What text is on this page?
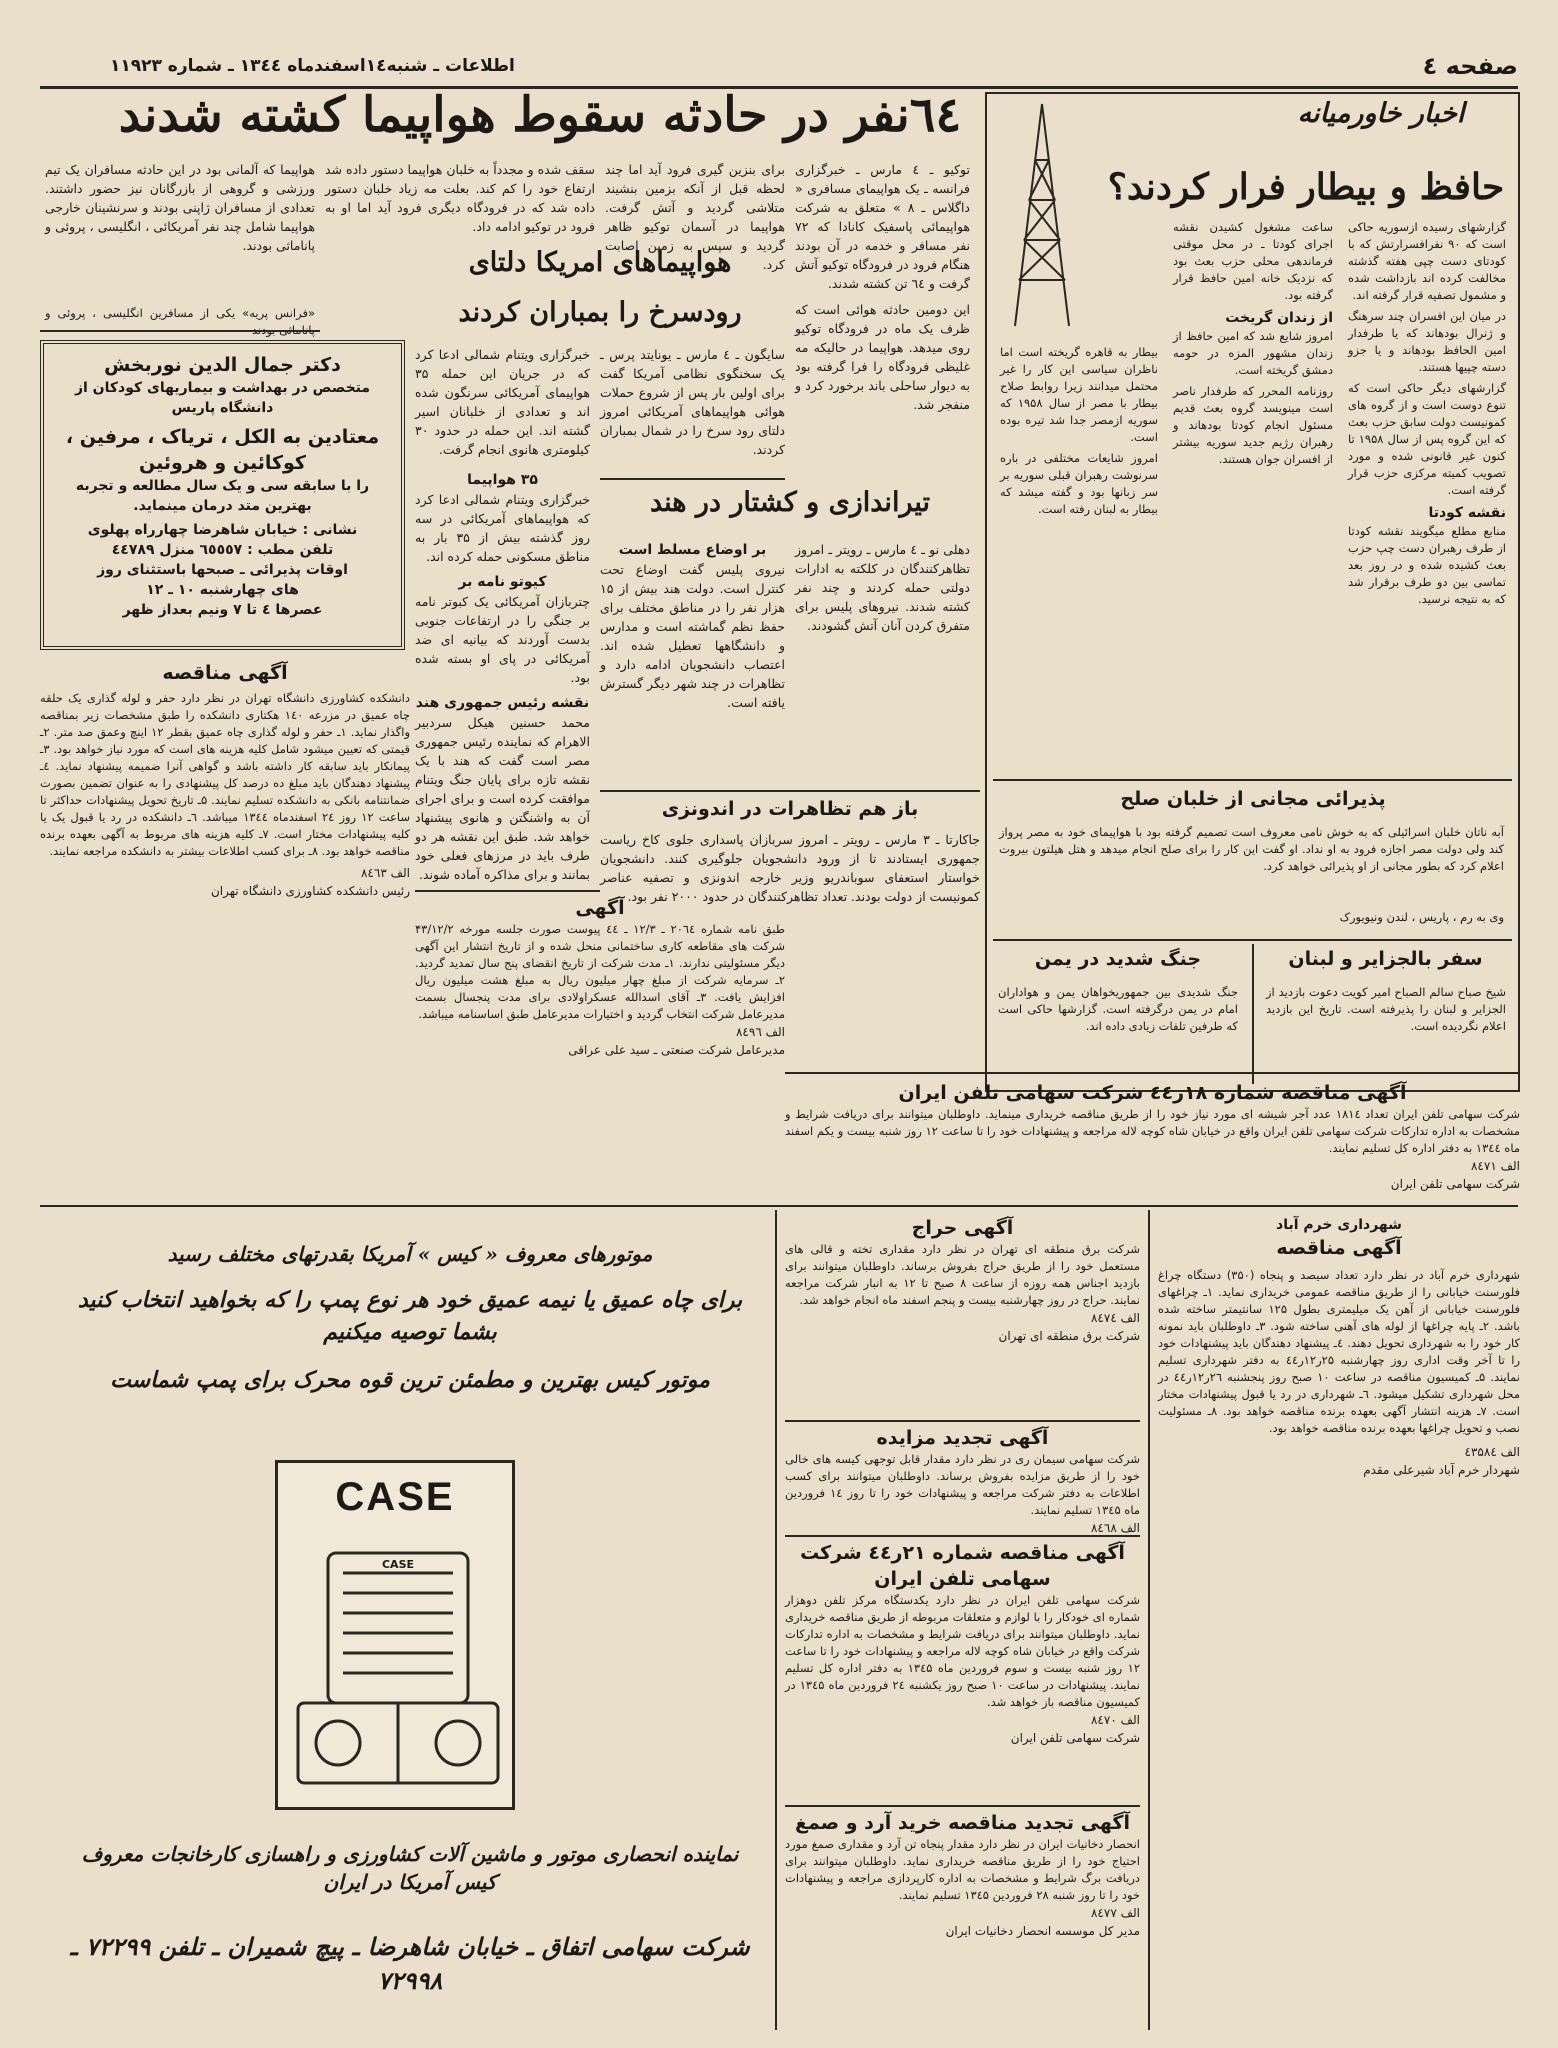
صفحه ٤
اطلاعات ـ شنبه۱٤اسفندماه ۱۳٤٤ ـ شماره ۱۱۹۲۳
٦٤نفر در حادثه سقوط هواپیما کشته شدند	اخبار خاورمیانه
حافظ و بیطار فرار کردند؟

گزارشهای رسیده ازسوریه حاکی است که ۹۰ نفرافسرارتش که با کودتای دست چپی هفته گذشته مخالفت کرده اند بازداشت شده و مشمول تصفیه قرار گرفته اند.

در میان این افسران چند سرهنگ و ژنرال بودهاند که یا طرفدار امین الحافظ بودهاند و یا جزو دسته چپیها هستند.

گزارشهای دیگر حاکی است که تنوع دوست است و از گروه های کمونیست دولت سابق حزب بعث که این گروه پس از سال ۱۹۵۸ تا کنون غیر قانونی شده و مورد تصویب کمیته مرکزی حزب قرار گرفته است.

نقشه کودتا

منابع مطلع میگویند نقشه کودتا از طرف رهبران دست چپ حزب بعث کشیده شده و در روز بعد تماسی بین دو طرف برقرار شد که به نتیجه نرسید.

ساعت مشغول کشیدن نقشه اجرای کودتا ـ در محل موقتی فرماندهی محلی حزب بعث بود که نزدیک خانه امین حافظ قرار گرفته بود.

از زندان گریخت

امروز شایع شد که امین حافظ از زندان مشهور المزه در حومه دمشق گریخته است.

روزنامه المحرر که طرفدار ناصر است مینویسد گروه بعث قدیم مسئول انجام کودتا بودهاند و رهبران رژیم جدید سوریه بیشتر از افسران جوان هستند.

بیطار به قاهره گریخته است اما ناظران سیاسی این کار را غیر محتمل میدانند زیرا روابط صلاح بیطار با مصر از سال ۱۹۵۸ که سوریه ازمصر جدا شد تیره بوده است.

امروز شایعات مختلفی در باره سرنوشت رهبران قبلی سوریه بر سر زبانها بود و گفته میشد که بیطار به لبنان رفته است.

پذیرائی مجانی از خلبان صلح
آبه ناتان خلبان اسرائیلی که به خوش نامی معروف است تصمیم گرفته بود با هواپیمای خود به مصر پرواز کند ولی دولت مصر اجازه فرود به او نداد. او گفت این کار را برای صلح انجام میدهد و هتل هیلتون بیروت اعلام کرد که بطور مجانی از او پذیرائی خواهد کرد.
وی به رم ، پاریس ، لندن ونیویورک
سفر بالجزایر و لبنان
شیخ صباح سالم الصباح امیر کویت دعوت بازدید از الجزایر و لبنان را پذیرفته است. تاریخ این بازدید اعلام نگردیده است.
جنگ شدید در یمن
جنگ شدیدی بین جمهوریخواهان یمن و هواداران امام در یمن درگرفته است. گزارشها حاکی است که طرفین تلفات زیادی داده اند.
توکیو ـ ٤ مارس ـ خبرگزاری فرانسه ـ یک هواپیمای مسافری « داگلاس ـ ۸ » متعلق به شرکت هواپیمائی پاسفیک کانادا که ۷۲ نفر مسافر و خدمه در آن بودند هنگام فرود در فرودگاه توکیو آتش گرفت و ٦٤ تن کشته شدند.
این دومین حادثه هوائی است که ظرف یک ماه در فرودگاه توکیو روی میدهد. هواپیما در حالیکه مه غلیظی فرودگاه را فرا گرفته بود به دیوار ساحلی باند برخورد کرد و منفجر شد.
برای بنزین گیری فرود آید اما چند لحظه قبل از آنکه بزمین بنشیند متلاشی گردید و آتش گرفت. هواپیما در آسمان توکیو ظاهر گردید و سپس به زمین اصابت کرد.
سقف شده و مجدداً به خلبان هواپیما دستور داده شد ارتفاع خود را کم کند. بعلت مه زیاد خلبان دستور داده شد که در فرودگاه دیگری فرود آید اما او به فرود در توکیو ادامه داد.
هواپیما که آلمانی بود در این حادثه مسافران یک تیم ورزشی و گروهی از بازرگانان نیز حضور داشتند. تعدادی از مسافران ژاپنی بودند و سرنشینان خارجی هواپیما شامل چند نفر آمریکائی ، انگلیسی ، پروئی و پاناماثی بودند.
«فرانس پریه» یکی از مسافرین انگلیسی ، پروئی و
هواپیماهای امریکا دلتای
رودسرخ را بمباران کردند
سایگون ـ ٤ مارس ـ یونایتد پرس ـ یک سخنگوی نظامی آمریکا گفت برای اولین بار پس از شروع حملات هوائی هواپیماهای آمریکائی امروز دلتای رود سرخ را در شمال بمباران کردند.
خبرگزاری ویتنام شمالی ادعا کرد که در جریان این حمله ۳۵ هواپیمای آمریکائی سرنگون شده اند و تعدادی از خلبانان اسیر گشته اند. این حمله در حدود ۳۰ کیلومتری هانوی انجام گرفت.
۳۵ هواپیما
خبرگزاری ویتنام شمالی ادعا کرد که هواپیماهای آمریکائی در سه روز گذشته بیش از ۳۵ بار به مناطق مسکونی حمله کرده اند.
کیوتو نامه بر
چتربازان آمریکائی یک کبوتر نامه بر جنگی را در ارتفاعات جنوبی بدست آوردند که بیانیه ای ضد آمریکائی در پای او بسته شده بود.
نقشه رئیس جمهوری هند
محمد حسنین هیکل سردبیر الاهرام که نماینده رئیس جمهوری مصر است گفت که هند با یک نقشه تازه برای پایان جنگ ویتنام موافقت کرده است و برای اجرای آن به واشنگتن و هانوی پیشنهاد خواهد شد. طبق این نقشه هر دو طرف باید در مرزهای فعلی خود بمانند و برای مذاکره آماده شوند.
تیراندازی و کشتار در هند
دهلی نو ـ ٤ مارس ـ رویتر ـ امروز تظاهرکنندگان در کلکته به ادارات دولتی حمله کردند و چند نفر کشته شدند. نیروهای پلیس برای متفرق کردن آنان آتش گشودند.
بر اوضاع مسلط است
نیروی پلیس گفت اوضاع تحت کنترل است. دولت هند بیش از ۱۵ هزار نفر را در مناطق مختلف برای حفظ نظم گماشته است و مدارس و دانشگاهها تعطیل شده اند. اعتصاب دانشجویان ادامه دارد و تظاهرات در چند شهر دیگر گسترش یافته است.
باز هم تظاهرات در اندونزی
جاکارتا ـ ۳ مارس ـ رویتر ـ امروز سربازان پاسداری جلوی کاخ ریاست جمهوری ایستادند تا از ورود دانشجویان جلوگیری کنند. دانشجویان خواستار استعفای سوباندریو وزیر خارجه اندونزی و تصفیه عناصر کمونیست از دولت بودند. تعداد تظاهرکنندگان در حدود ۲۰۰۰ نفر بود.
دکتر جمال الدین نوربخش
متخصص در بهداشت و بیماریهای کودکان از دانشگاه پاریس
معتادین به الکل ، تریاک ، مرفین ،
کوکائین و هروئین
را با سابقه سی و یک سال مطالعه و تجربه بهترین متد درمان مینماید.
نشانی : خیابان شاهرضا چهارراه پهلوی
تلفن مطب : ٦٥٥٥۷ منزل ٤٤۷۸۹
اوقات پذیرائی ـ صبحها باستثنای روز
های چهارشنبه ۱۰ ـ ۱۲
عصرها ٤ تا ۷ ونیم بعداز ظهر
آگهی مناقصه
دانشکده کشاورزی دانشگاه تهران در نظر دارد حفر و لوله گذاری یک حلقه چاه عمیق در مزرعه ۱٤۰ هکتاری دانشکده را طبق مشخصات زیر بمناقصه واگذار نماید. ۱ـ حفر و لوله گذاری چاه عمیق بقطر ۱۲ اینچ وعمق صد متر. ۲ـ قیمتی که تعیین میشود شامل کلیه هزینه های است که مورد نیاز خواهد بود. ۳ـ پیمانکار باید سابقه کار داشته باشد و گواهی آنرا ضمیمه پیشنهاد نماید. ٤ـ پیشنهاد دهندگان باید مبلغ ده درصد کل پیشنهادی را به عنوان تضمین بصورت ضمانتنامه بانکی به دانشکده تسلیم نمایند. ۵ـ تاریخ تحویل پیشنهادات حداکثر تا ساعت ۱۲ روز ۲٤ اسفندماه ۱۳٤٤ میباشد. ٦ـ دانشکده در رد یا قبول یک یا کلیه پیشنهادات مختار است. ۷ـ کلیه هزینه های مربوط به آگهی بعهده برنده مناقصه خواهد بود. ۸ـ برای کسب اطلاعات بیشتر به دانشکده مراجعه نمایند.
الف ۸٤٦٣
رئیس دانشکده کشاورزی دانشگاه تهران
آگهی
طبق نامه شماره ۲۰٦٤ ـ ۱۲/۳ ـ ٤٤ پیوست صورت جلسه مورخه ۴۳/۱۲/۲ شرکت های مقاطعه کاری ساختمانی منحل شده و از تاریخ انتشار این آگهی دیگر مسئولیتی ندارند. ۱ـ مدت شرکت از تاریخ انقضای پنج سال تمدید گردید. ۲ـ سرمایه شرکت از مبلغ چهار میلیون ریال به مبلغ هشت میلیون ریال افزایش یافت. ۳ـ آقای اسدالله عسکراولادی برای مدت پنجسال بسمت مدیرعامل شرکت انتخاب گردید و اختیارات مدیرعامل طبق اساسنامه میباشد.
الف ۸٤۹٦
مدیرعامل شرکت صنعتی ـ سید علی عراقی
آگهی مناقصه شماره ۱۸ر٤٤ شرکت سهامی تلفن ایران
شرکت سهامی تلفن ایران تعداد ۱۸۱٤ عدد آجر شیشه ای مورد نیاز خود را از طریق مناقصه خریداری مینماید. داوطلبان میتوانند برای دریافت شرایط و مشخصات به اداره تدارکات شرکت سهامی تلفن ایران واقع در خیابان شاه کوچه لاله مراجعه و پیشنهادات خود را تا ساعت ۱۲ روز شنبه بیست و یکم اسفند ماه ۱۳٤٤ به دفتر اداره کل تسلیم نمایند.
الف ۸٤۷۱
شرکت سهامی تلفن ایران
موتورهای معروف « کیس » آمریکا بقدرتهای مختلف رسید
برای چاه عمیق یا نیمه عمیق خود هر نوع پمپ را که بخواهید انتخاب کنید بشما توصیه میکنیم
موتور کیس بهترین و مطمئن ترین قوه محرک برای پمپ شماست
CASE
CASE
نماینده انحصاری موتور و ماشین آلات کشاورزی و راهسازی کارخانجات معروف کیس آمریکا در ایران
شرکت سهامی اتفاق ـ خیابان شاهرضا ـ پیچ شمیران ـ تلفن ۷۲۲۹۹ ـ ۷۲۹۹۸
آگهی حراج
شرکت برق منطقه ای تهران در نظر دارد مقداری تخته و قالی های مستعمل خود را از طریق حراج بفروش برساند. داوطلبان میتوانند برای بازدید اجناس همه روزه از ساعت ۸ صبح تا ۱۲ به انبار شرکت مراجعه نمایند. حراج در روز چهارشنبه بیست و پنجم اسفند ماه انجام خواهد شد.
الف ۸٤۷٤
شرکت برق منطقه ای تهران
آگهی تجدید مزایده
شرکت سهامی سیمان ری در نظر دارد مقدار قابل توجهی کیسه های خالی خود را از طریق مزایده بفروش برساند. داوطلبان میتوانند برای کسب اطلاعات به دفتر شرکت مراجعه و پیشنهادات خود را تا روز ۱٤ فروردین ماه ۱۳٤۵ تسلیم نمایند.
الف ۸٤٦۸
آگهی مناقصه شماره ۲۱ر٤٤ شرکت سهامی تلفن ایران
شرکت سهامی تلفن ایران در نظر دارد یکدستگاه مرکز تلفن دوهزار شماره ای خودکار را با لوازم و متعلقات مربوطه از طریق مناقصه خریداری نماید. داوطلبان میتوانند برای دریافت شرایط و مشخصات به اداره تدارکات شرکت واقع در خیابان شاه کوچه لاله مراجعه و پیشنهادات خود را تا ساعت ۱۲ روز شنبه بیست و سوم فروردین ماه ۱۳٤۵ به دفتر اداره کل تسلیم نمایند. پیشنهادات در ساعت ۱۰ صبح روز یکشنبه ۲٤ فروردین ماه ۱۳٤۵ در کمیسیون مناقصه باز خواهد شد.
الف ۸٤۷۰
شرکت سهامی تلفن ایران
آگهی تجدید مناقصه خرید آرد و صمغ
انحصار دخانیات ایران در نظر دارد مقدار پنجاه تن آرد و مقداری صمغ مورد احتیاج خود را از طریق مناقصه خریداری نماید. داوطلبان میتوانند برای دریافت برگ شرایط و مشخصات به اداره کارپردازی مراجعه و پیشنهادات خود را تا روز شنبه ۲۸ فروردین ۱۳٤۵ تسلیم نمایند.
الف ۸٤۷۷
مدیر کل موسسه انحصار دخانیات ایران
شهرداری خرم آباد
آگهی مناقصه
شهرداری خرم آباد در نظر دارد تعداد سیصد و پنجاه (۳۵۰) دستگاه چراغ فلورسنت خیابانی را از طریق مناقصه عمومی خریداری نماید. ۱ـ چراغهای فلورسنت خیابانی از آهن یک میلیمتری بطول ۱۲۵ سانتیمتر ساخته شده باشد. ۲ـ پایه چراغها از لوله های آهنی ساخته شود. ۳ـ داوطلبان باید نمونه کار خود را به شهرداری تحویل دهند. ٤ـ پیشنهاد دهندگان باید پیشنهادات خود را تا آخر وقت اداری روز چهارشنبه ۲۵ر۱۲ر٤٤ به دفتر شهرداری تسلیم نمایند. ۵ـ کمیسیون مناقصه در ساعت ۱۰ صبح روز پنجشنبه ۲٦ر۱۲ر٤٤ در محل شهرداری تشکیل میشود. ٦ـ شهرداری در رد یا قبول پیشنهادات مختار است. ۷ـ هزینه انتشار آگهی بعهده برنده مناقصه خواهد بود. ۸ـ مسئولیت نصب و تحویل چراغها بعهده برنده مناقصه خواهد بود.
الف ٤۳۵۸٤
شهردار خرم آباد شیرعلی مقدم
